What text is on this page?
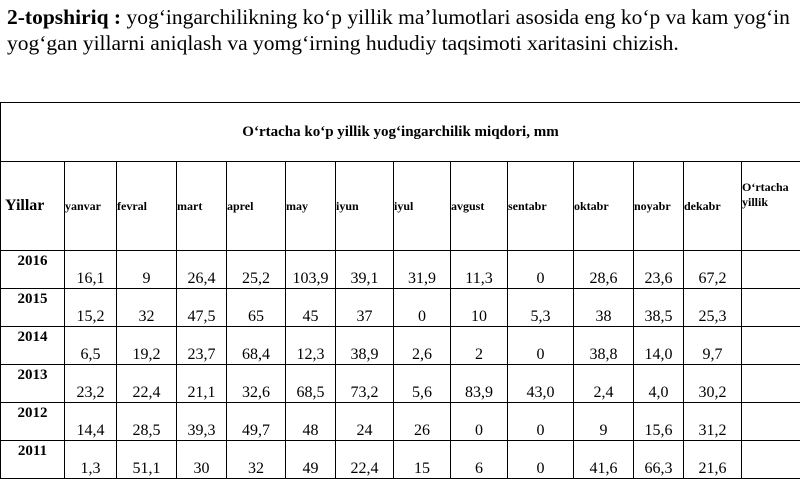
2-topshiriq : yog‘ingarchilikning ko‘p yillik ma’lumotlari asosida eng ko‘p va kam yog‘in yog‘gan yillarni aniqlash va yomg‘irning hududiy taqsimoti xaritasini chizish.

O‘rtacha ko‘p yillik yog‘ingarchilik miqdori, mm													
Yillar	yanvar	fevral	mart	aprel	may	iyun	iyul	avgust	sentabr	oktabr	noyabr	dekabr	O‘rtacha yillik
2016	16,1	9	26,4	25,2	103,9	39,1	31,9	11,3	0	28,6	23,6	67,2	
2015	15,2	32	47,5	65	45	37	0	10	5,3	38	38,5	25,3	
2014	6,5	19,2	23,7	68,4	12,3	38,9	2,6	2	0	38,8	14,0	9,7	
2013	23,2	22,4	21,1	32,6	68,5	73,2	5,6	83,9	43,0	2,4	4,0	30,2	
2012	14,4	28,5	39,3	49,7	48	24	26	0	0	9	15,6	31,2	
2011	1,3	51,1	30	32	49	22,4	15	6	0	41,6	66,3	21,6	
